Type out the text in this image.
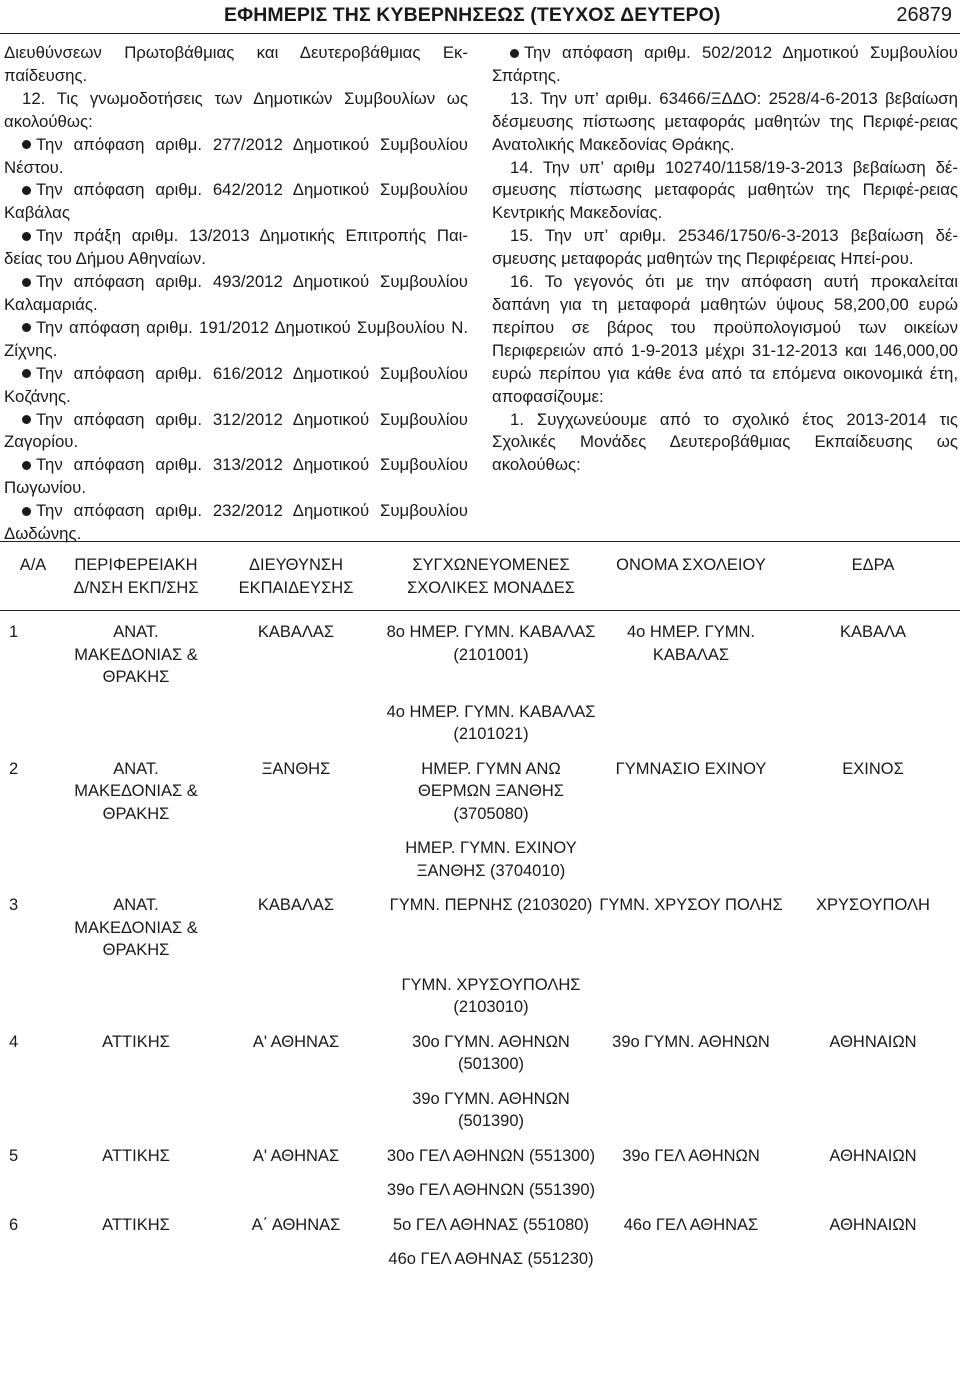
ΕΦΗΜΕΡΙΣ ΤΗΣ ΚΥΒΕΡΝΗΣΕΩΣ (ΤΕΥΧΟΣ ΔΕΥΤΕΡΟ)	26879

Διευθύνσεων Πρωτοβάθμιας και Δευτεροβάθμιας Εκ-παίδευσης.

12. Τις γνωμοδοτήσεις των Δημοτικών Συμβουλίων ως ακολούθως:

Την απόφαση αριθμ. 277/2012 Δημοτικού Συμβουλίου Νέστου.

Την απόφαση αριθμ. 642/2012 Δημοτικού Συμβουλίου Καβάλας

Την πράξη αριθμ. 13/2013 Δημοτικής Επιτροπής Παι-δείας του Δήμου Αθηναίων.

Την απόφαση αριθμ. 493/2012 Δημοτικού Συμβουλίου Καλαμαριάς.

Την απόφαση αριθμ. 191/2012 Δημοτικού Συμβουλίου Ν. Ζίχνης.

Την απόφαση αριθμ. 616/2012 Δημοτικού Συμβουλίου Κοζάνης.

Την απόφαση αριθμ. 312/2012 Δημοτικού Συμβουλίου Ζαγορίου.

Την απόφαση αριθμ. 313/2012 Δημοτικού Συμβουλίου Πωγωνίου.

Την απόφαση αριθμ. 232/2012 Δημοτικού Συμβουλίου Δωδώνης.

Την απόφαση αριθμ. 502/2012 Δημοτικού Συμβουλίου Σπάρτης.

13. Την υπ’ αριθμ. 63466/ΞΔΔΟ: 2528/4-6-2013 βεβαίωση δέσμευσης πίστωσης μεταφοράς μαθητών της Περιφέ-ρειας Ανατολικής Μακεδονίας Θράκης.

14. Την υπ’ αριθμ 102740/1158/19-3-2013 βεβαίωση δέ-σμευσης πίστωσης μεταφοράς μαθητών της Περιφέ-ρειας Κεντρικής Μακεδονίας.

15. Την υπ’ αριθμ. 25346/1750/6-3-2013 βεβαίωση δέ-σμευσης μεταφοράς μαθητών της Περιφέρειας Ηπεί-ρου.

16. Το γεγονός ότι με την απόφαση αυτή προκαλείται δαπάνη για τη μεταφορά μαθητών ύψους 58,200,00 ευρώ περίπου σε βάρος του προϋπολογισμού των οικείων Περιφερειών από 1-9-2013 μέχρι 31-12-2013 και 146,000,00 ευρώ περίπου για κάθε ένα από τα επόμενα οικονομικά έτη, αποφασίζουμε:

1. Συγχωνεύουμε από το σχολικό έτος 2013-2014 τις Σχολικές Μονάδες Δευτεροβάθμιας Εκπαίδευσης ως ακολούθως:

Α/Α	ΠΕΡΙΦΕΡΕΙΑΚΗ Δ/ΝΣΗ ΕΚΠ/ΣΗΣ	ΔΙΕΥΘΥΝΣΗ ΕΚΠΑΙΔΕΥΣΗΣ	ΣΥΓΧΩΝΕΥΟΜΕΝΕΣ ΣΧΟΛΙΚΕΣ ΜΟΝΑΔΕΣ	ΟΝΟΜΑ ΣΧΟΛΕΙΟΥ	ΕΔΡΑ
1	ΑΝΑΤ. ΜΑΚΕΔΟΝΙΑΣ & ΘΡΑΚΗΣ	ΚΑΒΑΛΑΣ	8ο ΗΜΕΡ. ΓΥΜΝ. ΚΑΒΑΛΑΣ (2101001)	4ο ΗΜΕΡ. ΓΥΜΝ. ΚΑΒΑΛΑΣ	ΚΑΒΑΛΑ
			4ο ΗΜΕΡ. ΓΥΜΝ. ΚΑΒΑΛΑΣ (2101021)		
2	ΑΝΑΤ. ΜΑΚΕΔΟΝΙΑΣ & ΘΡΑΚΗΣ	ΞΑΝΘΗΣ	ΗΜΕΡ. ΓΥΜΝ ΑΝΩ ΘΕΡΜΩΝ ΞΑΝΘΗΣ (3705080)	ΓΥΜΝΑΣΙΟ ΕΧΙΝΟΥ	ΕΧΙΝΟΣ
			ΗΜΕΡ. ΓΥΜΝ. ΕΧΙΝΟΥ ΞΑΝΘΗΣ (3704010)		
3	ΑΝΑΤ. ΜΑΚΕΔΟΝΙΑΣ & ΘΡΑΚΗΣ	ΚΑΒΑΛΑΣ	ΓΥΜΝ. ΠΕΡΝΗΣ (2103020)	ΓΥΜΝ. ΧΡΥΣΟΥ ΠΟΛΗΣ	ΧΡΥΣΟΥΠΟΛΗ
			ΓΥΜΝ. ΧΡΥΣΟΥΠΟΛΗΣ (2103010)		
4	ΑΤΤΙΚΗΣ	Α' ΑΘΗΝΑΣ	30ο ΓΥΜΝ. ΑΘΗΝΩΝ (501300)	39ο ΓΥΜΝ. ΑΘΗΝΩΝ	ΑΘΗΝΑΙΩΝ
			39ο ΓΥΜΝ. ΑΘΗΝΩΝ (501390)		
5	ΑΤΤΙΚΗΣ	Α' ΑΘΗΝΑΣ	30ο ΓΕΛ ΑΘΗΝΩΝ (551300)	39ο ΓΕΛ ΑΘΗΝΩΝ	ΑΘΗΝΑΙΩΝ
			39ο ΓΕΛ ΑΘΗΝΩΝ (551390)		
6	ΑΤΤΙΚΗΣ	Α΄ ΑΘΗΝΑΣ	5ο ΓΕΛ ΑΘΗΝΑΣ (551080)	46ο ΓΕΛ ΑΘΗΝΑΣ	ΑΘΗΝΑΙΩΝ
			46ο ΓΕΛ ΑΘΗΝΑΣ (551230)		
